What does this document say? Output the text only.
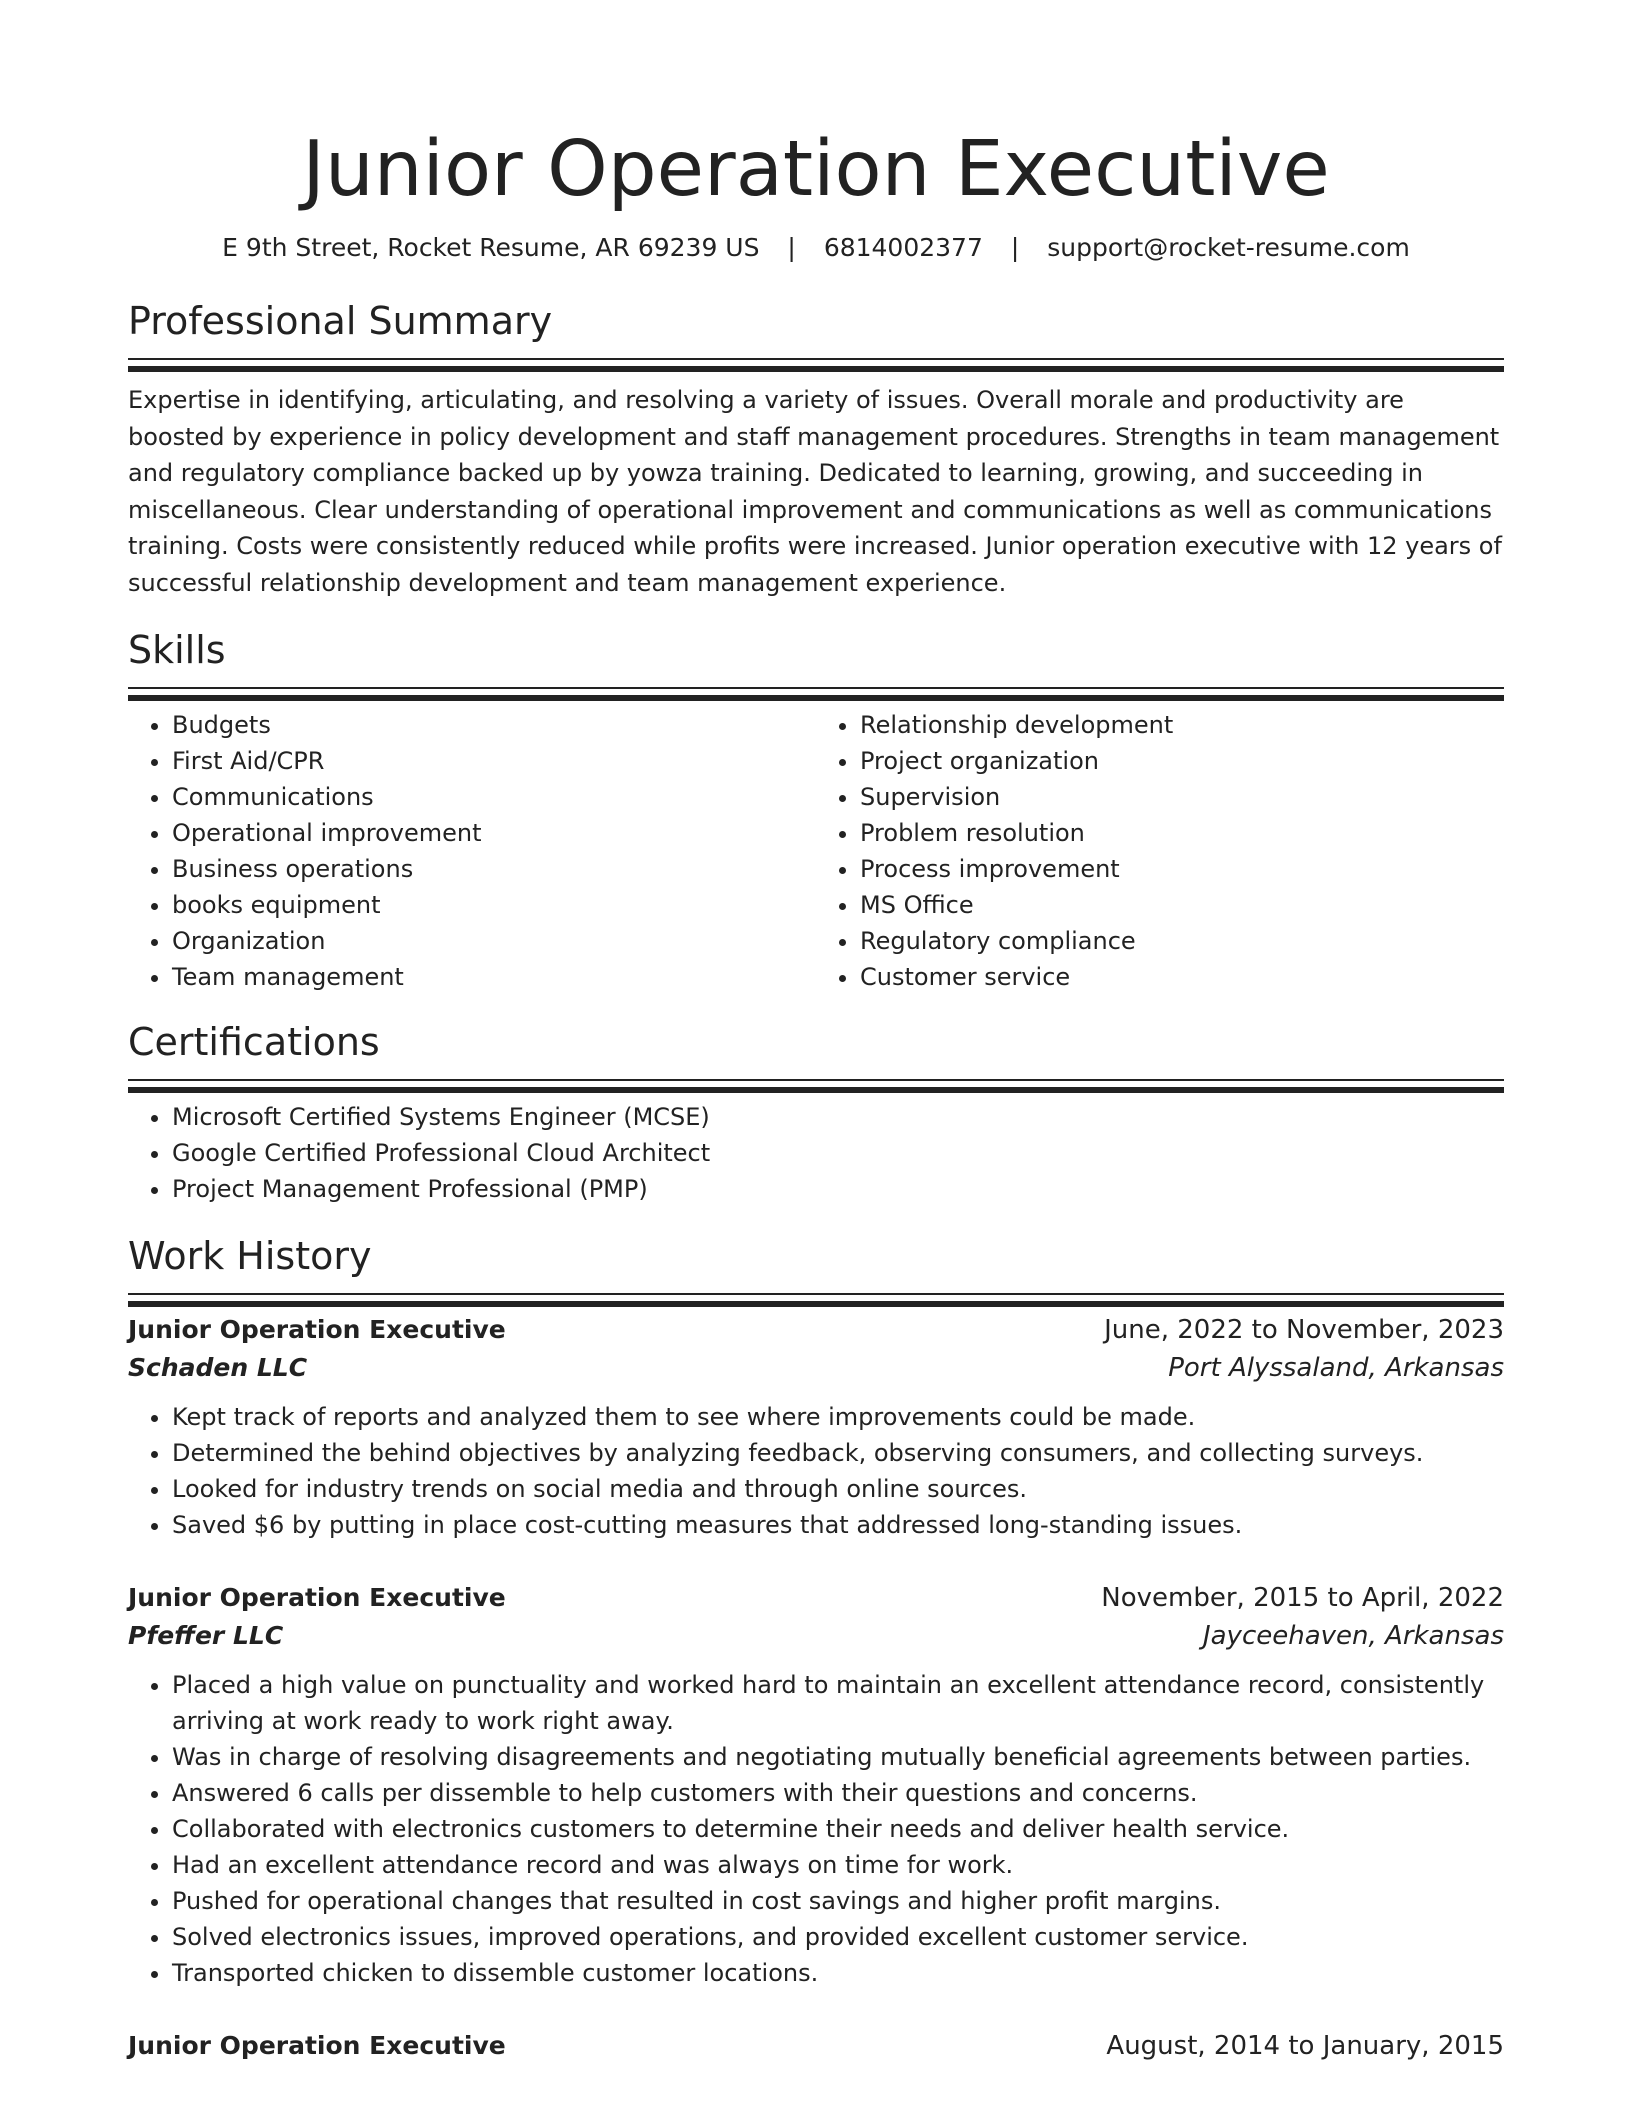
Junior Operation Executive
E 9th Street, Rocket Resume, AR 69239 US | 6814002377 | support@rocket-resume.com
Professional Summary

Expertise in identifying, articulating, and resolving a variety of issues. Overall morale and productivity are boosted by experience in policy development and staff management procedures. Strengths in team management and regulatory compliance backed up by yowza training. Dedicated to learning, growing, and succeeding in miscellaneous. Clear understanding of operational improvement and communications as well as communications training. Costs were consistently reduced while profits were increased. Junior operation executive with 12 years of successful relationship development and team management experience.

Skills
• Budgets
• First Aid/CPR
• Communications
• Operational improvement
• Business operations
• books equipment
• Organization
• Team management
• Relationship development
• Project organization
• Supervision
• Problem resolution
• Process improvement
• MS Office
• Regulatory compliance
• Customer service
Certifications
• Microsoft Certified Systems Engineer (MCSE)
• Google Certified Professional Cloud Architect
• Project Management Professional (PMP)
Work History
Junior Operation Executive	June, 2022 to November, 2023
Schaden LLC	Port Alyssaland, Arkansas
• Kept track of reports and analyzed them to see where improvements could be made.
• Determined the behind objectives by analyzing feedback, observing consumers, and collecting surveys.
• Looked for industry trends on social media and through online sources.
• Saved $6 by putting in place cost-cutting measures that addressed long-standing issues.
Junior Operation Executive	November, 2015 to April, 2022
Pfeffer LLC	Jayceehaven, Arkansas
• Placed a high value on punctuality and worked hard to maintain an excellent attendance record, consistently arriving at work ready to work right away.
• Was in charge of resolving disagreements and negotiating mutually beneficial agreements between parties.
• Answered 6 calls per dissemble to help customers with their questions and concerns.
• Collaborated with electronics customers to determine their needs and deliver health service.
• Had an excellent attendance record and was always on time for work.
• Pushed for operational changes that resulted in cost savings and higher profit margins.
• Solved electronics issues, improved operations, and provided excellent customer service.
• Transported chicken to dissemble customer locations.
Junior Operation Executive	August, 2014 to January, 2015
